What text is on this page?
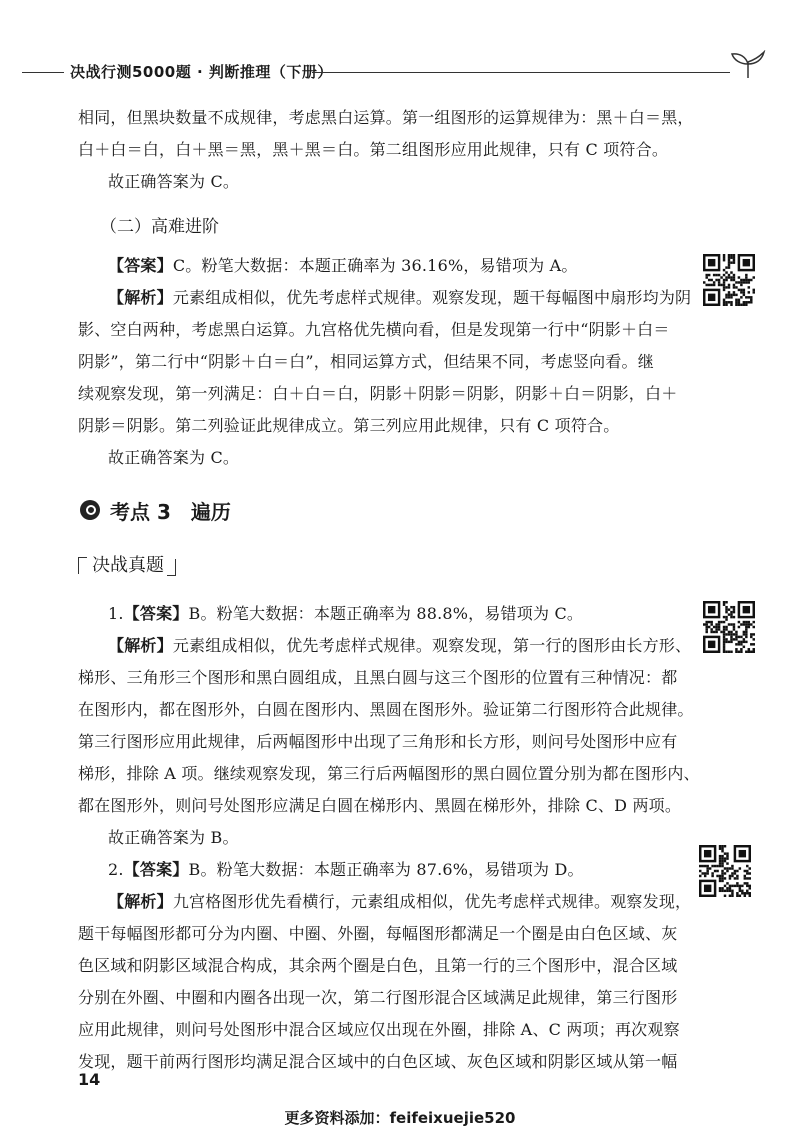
决战行测5000题 · 判断推理（下册）
相同，但黑块数量不成规律，考虑黑白运算。第一组图形的运算规律为：黑＋白＝黑，
白＋白＝白，白＋黑＝黑，黑＋黑＝白。第二组图形应用此规律，只有 C 项符合。
故正确答案为 C。
（二）高难进阶
【答案】C。粉笔大数据：本题正确率为 36.16%，易错项为 A。
【解析】元素组成相似，优先考虑样式规律。观察发现，题干每幅图中扇形均为阴
影、空白两种，考虑黑白运算。九宫格优先横向看，但是发现第一行中“阴影＋白＝
阴影”，第二行中“阴影＋白＝白”，相同运算方式，但结果不同，考虑竖向看。继
续观察发现，第一列满足：白＋白＝白，阴影＋阴影＝阴影，阴影＋白＝阴影，白＋
阴影＝阴影。第二列验证此规律成立。第三列应用此规律，只有 C 项符合。
故正确答案为 C。
考点 3　遍历
决战真题
1.【答案】B。粉笔大数据：本题正确率为 88.8%，易错项为 C。
【解析】元素组成相似，优先考虑样式规律。观察发现，第一行的图形由长方形、
梯形、三角形三个图形和黑白圆组成，且黑白圆与这三个图形的位置有三种情况：都
在图形内，都在图形外，白圆在图形内、黑圆在图形外。验证第二行图形符合此规律。
第三行图形应用此规律，后两幅图形中出现了三角形和长方形，则问号处图形中应有
梯形，排除 A 项。继续观察发现，第三行后两幅图形的黑白圆位置分别为都在图形内、
都在图形外，则问号处图形应满足白圆在梯形内、黑圆在梯形外，排除 C、D 两项。
故正确答案为 B。
2.【答案】B。粉笔大数据：本题正确率为 87.6%，易错项为 D。
【解析】九宫格图形优先看横行，元素组成相似，优先考虑样式规律。观察发现，
题干每幅图形都可分为内圈、中圈、外圈，每幅图形都满足一个圈是由白色区域、灰
色区域和阴影区域混合构成，其余两个圈是白色，且第一行的三个图形中，混合区域
分别在外圈、中圈和内圈各出现一次，第二行图形混合区域满足此规律，第三行图形
应用此规律，则问号处图形中混合区域应仅出现在外圈，排除 A、C 两项；再次观察
发现，题干前两行图形均满足混合区域中的白色区域、灰色区域和阴影区域从第一幅
14
更多资料添加：feifeixuejie520
